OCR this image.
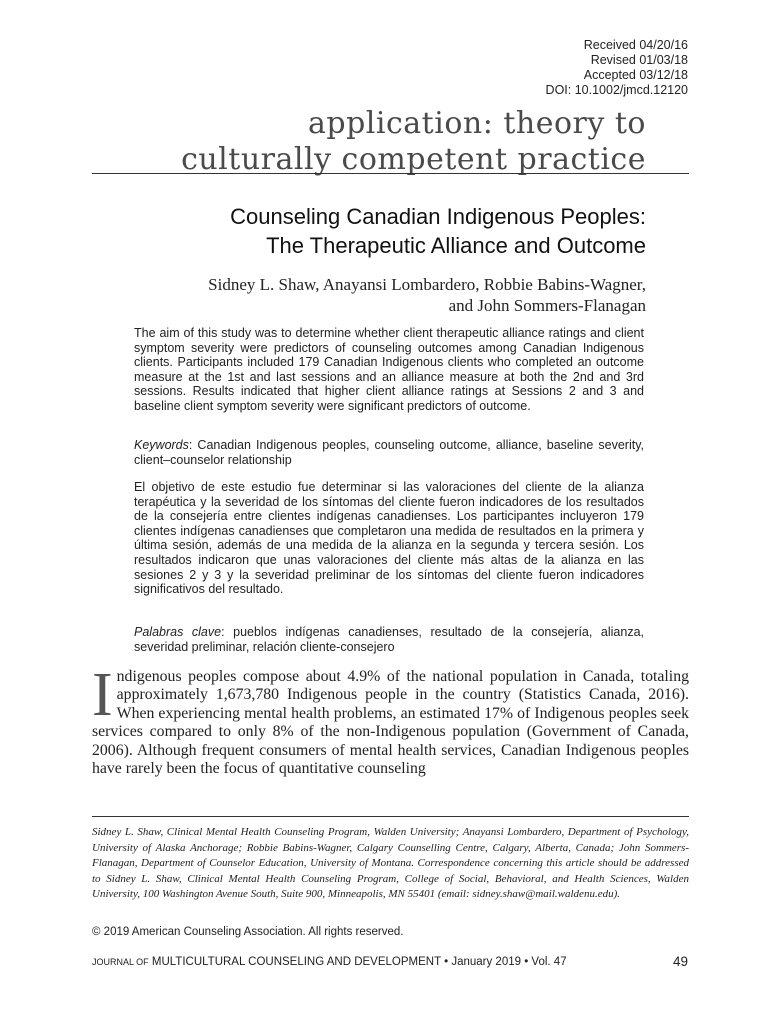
Received 04/20/16
Revised 01/03/18
Accepted 03/12/18
DOI: 10.1002/jmcd.12120
application: theory to
culturally competent practice
Counseling Canadian Indigenous Peoples:
The Therapeutic Alliance and Outcome
Sidney L. Shaw, Anayansi Lombardero, Robbie Babins-Wagner,
and John Sommers-Flanagan

The aim of this study was to determine whether client therapeutic alliance ratings and client symptom severity were predictors of counseling outcomes among Canadian Indigenous clients. Participants included 179 Canadian Indigenous clients who completed an outcome measure at the 1st and last sessions and an alliance measure at both the 2nd and 3rd sessions. Results indicated that higher client alliance ratings at Sessions 2 and 3 and baseline client symptom severity were significant predictors of outcome.

Keywords: Canadian Indigenous peoples, counseling outcome, alliance, baseline severity, client–counselor relationship

El objetivo de este estudio fue determinar si las valoraciones del cliente de la alianza terapéutica y la severidad de los síntomas del cliente fueron indicadores de los resultados de la consejería entre clientes indígenas canadienses. Los participantes incluyeron 179 clientes indígenas canadienses que completaron una medida de resultados en la primera y última sesión, además de una medida de la alianza en la segunda y tercera sesión. Los resultados indicaron que unas valoraciones del cliente más altas de la alianza en las sesiones 2 y 3 y la severidad preliminar de los síntomas del cliente fueron indicadores significativos del resultado.

Palabras clave: pueblos indígenas canadienses, resultado de la consejería, alianza, severidad preliminar, relación cliente-consejero

Indigenous peoples compose about 4.9% of the national population in Canada, totaling approximately 1,673,780 Indigenous people in the country (Statistics Canada, 2016). When experiencing mental health problems, an estimated 17% of Indigenous peoples seek services compared to only 8% of the non-Indigenous population (Government of Canada, 2006). Although frequent consumers of mental health services, Canadian Indigenous peoples have rarely been the focus of quantitative counseling
Sidney L. Shaw, Clinical Mental Health Counseling Program, Walden University; Anayansi Lombardero, Department of Psychology, University of Alaska Anchorage; Robbie Babins-Wagner, Calgary Counselling Centre, Calgary, Alberta, Canada; John Sommers-Flanagan, Department of Counselor Education, University of Montana. Correspondence concerning this article should be addressed to Sidney L. Shaw, Clinical Mental Health Counseling Program, College of Social, Behavioral, and Health Sciences, Walden University, 100 Washington Avenue South, Suite 900, Minneapolis, MN 55401 (email: sidney.shaw@mail.waldenu.edu).
© 2019 American Counseling Association. All rights reserved.
JOURNAL OF MULTICULTURAL COUNSELING AND DEVELOPMENT • January 2019 • Vol. 47	49
